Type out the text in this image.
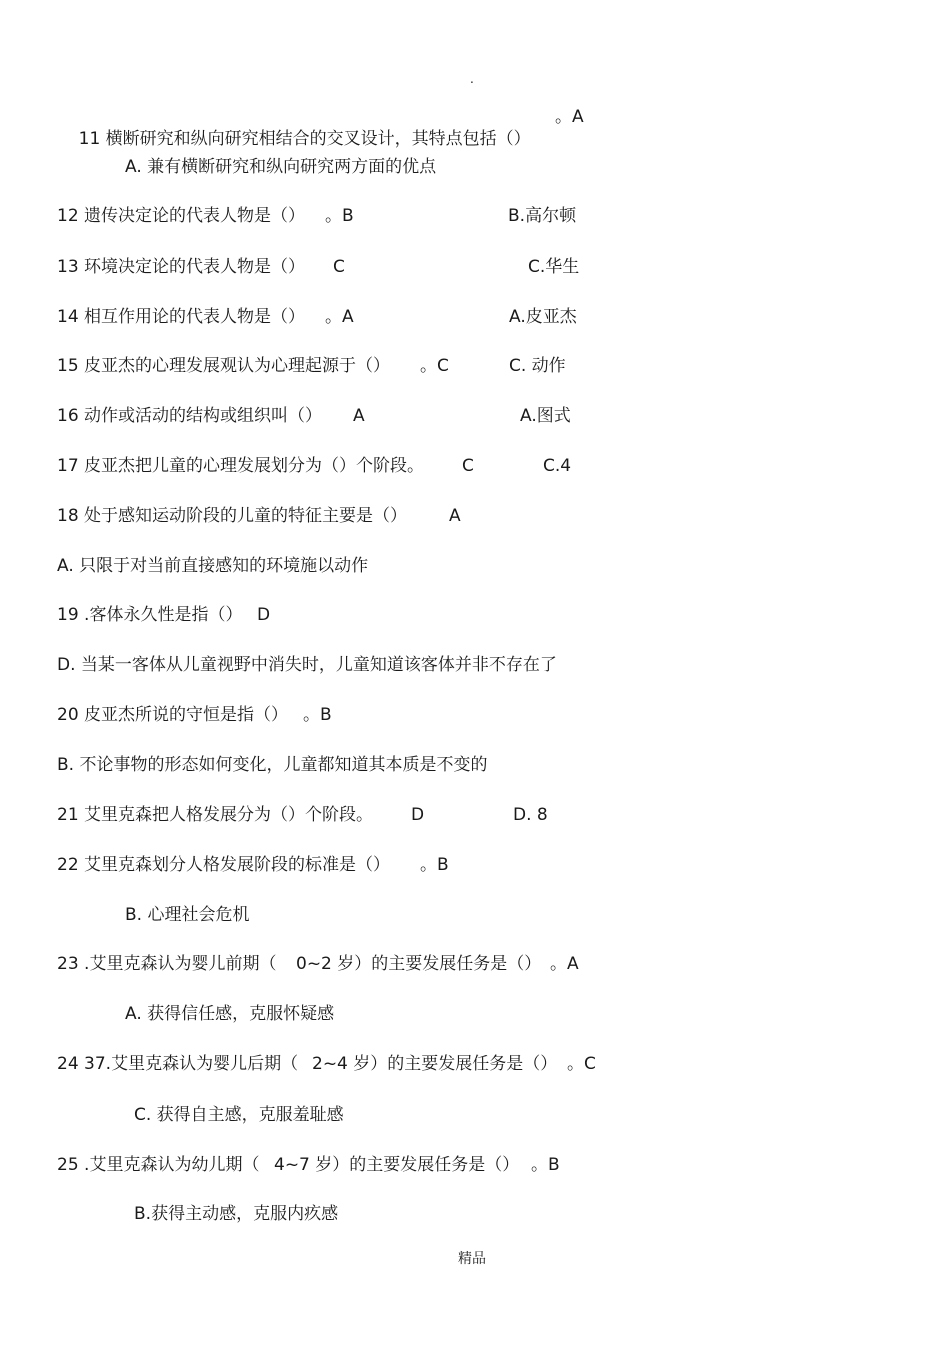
.

11 横断研究和纵向研究相结合的交叉设计，其特点包括（）

。A
A. 兼有横断研究和纵向研究两方面的优点
12 遗传决定论的代表人物是（） 。B	B.高尔顿
13 环境决定论的代表人物是（） C	C.华生
14 相互作用论的代表人物是（） 。A	A.皮亚杰
15 皮亚杰的心理发展观认为心理起源于（） 。C	C. 动作
16 动作或活动的结构或组织叫（） A	A.图式
17 皮亚杰把儿童的心理发展划分为（）个阶段。 C	C.4
18 处于感知运动阶段的儿童的特征主要是（） A
A. 只限于对当前直接感知的环境施以动作
19 .客体永久性是指（） D
D. 当某一客体从儿童视野中消失时，儿童知道该客体并非不存在了
20 皮亚杰所说的守恒是指（） 。B
B. 不论事物的形态如何变化，儿童都知道其本质是不变的
21 艾里克森把人格发展分为（）个阶段。 D	D. 8
22 艾里克森划分人格发展阶段的标准是（） 。B
B. 心理社会危机
23 .艾里克森认为婴儿前期（ 0~2 岁）的主要发展任务是（） 。A
A. 获得信任感，克服怀疑感
24 37.艾里克森认为婴儿后期（ 2~4 岁）的主要发展任务是（） 。C
C. 获得自主感，克服羞耻感
25 .艾里克森认为幼儿期（ 4~7 岁）的主要发展任务是（） 。B
B.获得主动感，克服内疚感
精品
